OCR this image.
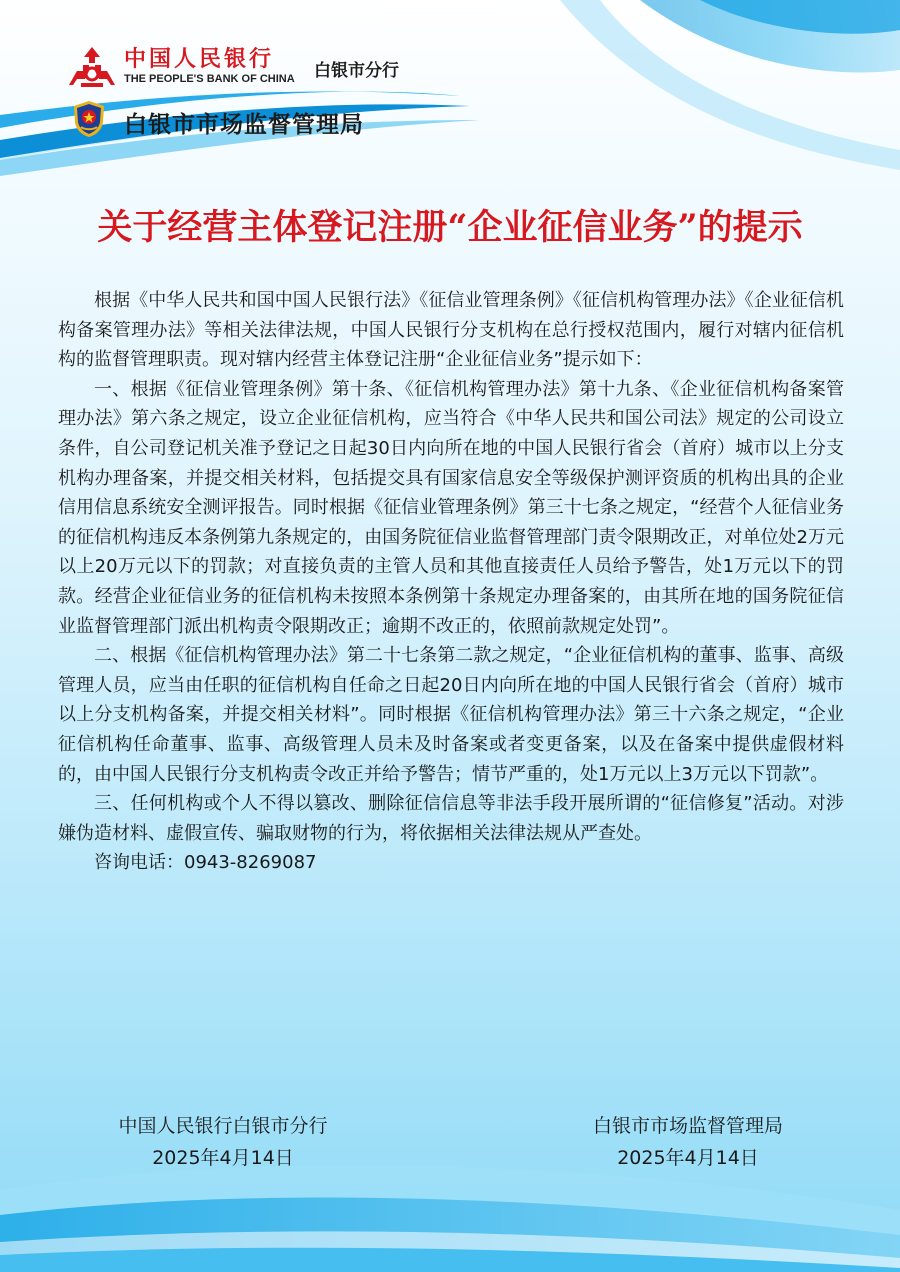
中国人民银行
THE PEOPLE'S BANK OF CHINA 白银市分行
白银市市场监督管理局
关于经营主体登记注册“企业征信业务”的提示

根据《中华人民共和国中国人民银行法》《征信业管理条例》《征信机构管理办法》《企业征信机构备案管理办法》等相关法律法规，中国人民银行分支机构在总行授权范围内，履行对辖内征信机构的监督管理职责。现对辖内经营主体登记注册“企业征信业务”提示如下：

一、根据《征信业管理条例》第十条、《征信机构管理办法》第十九条、《企业征信机构备案管理办法》第六条之规定，设立企业征信机构，应当符合《中华人民共和国公司法》规定的公司设立条件，自公司登记机关准予登记之日起30日内向所在地的中国人民银行省会（首府）城市以上分支机构办理备案，并提交相关材料，包括提交具有国家信息安全等级保护测评资质的机构出具的企业信用信息系统安全测评报告。同时根据《征信业管理条例》第三十七条之规定，“经营个人征信业务的征信机构违反本条例第九条规定的，由国务院征信业监督管理部门责令限期改正，对单位处2万元以上20万元以下的罚款；对直接负责的主管人员和其他直接责任人员给予警告，处1万元以下的罚款。经营企业征信业务的征信机构未按照本条例第十条规定办理备案的，由其所在地的国务院征信业监督管理部门派出机构责令限期改正；逾期不改正的，依照前款规定处罚”。

二、根据《征信机构管理办法》第二十七条第二款之规定，“企业征信机构的董事、监事、高级管理人员，应当由任职的征信机构自任命之日起20日内向所在地的中国人民银行省会（首府）城市以上分支机构备案，并提交相关材料”。同时根据《征信机构管理办法》第三十六条之规定，“企业征信机构任命董事、监事、高级管理人员未及时备案或者变更备案，以及在备案中提供虚假材料的，由中国人民银行分支机构责令改正并给予警告；情节严重的，处1万元以上3万元以下罚款”。

三、任何机构或个人不得以篡改、删除征信信息等非法手段开展所谓的“征信修复”活动。对涉嫌伪造材料、虚假宣传、骗取财物的行为，将依据相关法律法规从严查处。

咨询电话：0943-8269087

中国人民银行白银市分行
2025年4月14日
白银市市场监督管理局
2025年4月14日
